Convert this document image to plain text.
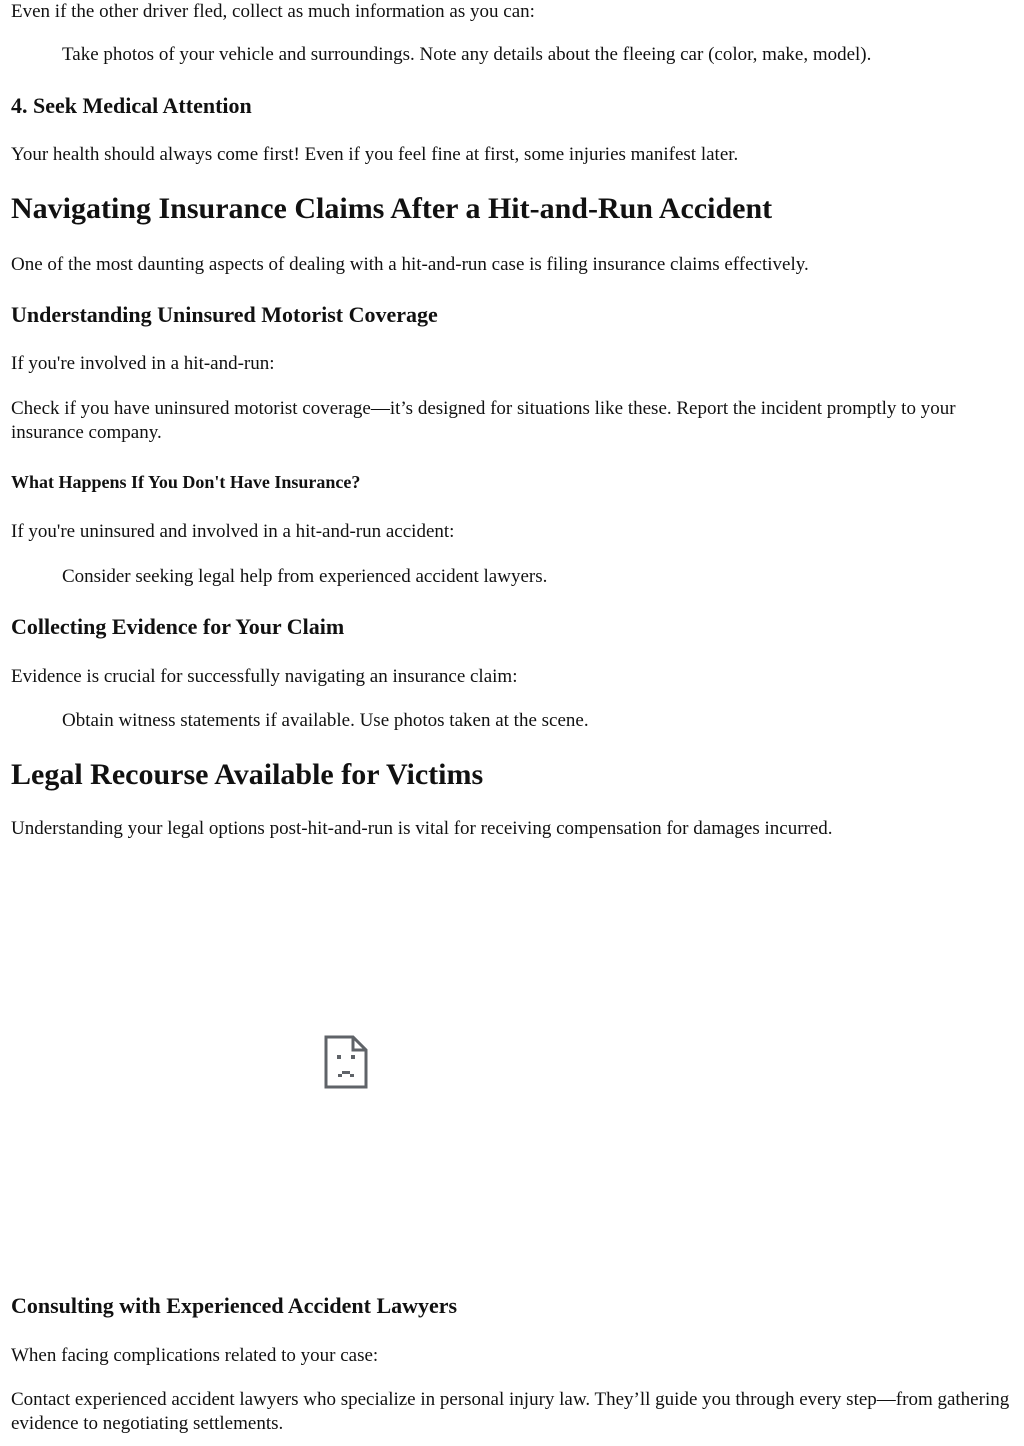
Even if the other driver fled, collect as much information as you can:

Take photos of your vehicle and surroundings. Note any details about the fleeing car (color, make, model).

4. Seek Medical Attention

Your health should always come first! Even if you feel fine at first, some injuries manifest later.

Navigating Insurance Claims After a Hit-and-Run Accident

One of the most daunting aspects of dealing with a hit-and-run case is filing insurance claims effectively.

Understanding Uninsured Motorist Coverage

If you're involved in a hit-and-run:

Check if you have uninsured motorist coverage—it’s designed for situations like these. Report the incident promptly to your insurance company.

What Happens If You Don't Have Insurance?

If you're uninsured and involved in a hit-and-run accident:

Consider seeking legal help from experienced accident lawyers.

Collecting Evidence for Your Claim

Evidence is crucial for successfully navigating an insurance claim:

Obtain witness statements if available. Use photos taken at the scene.

Legal Recourse Available for Victims

Understanding your legal options post-hit-and-run is vital for receiving compensation for damages incurred.

Consulting with Experienced Accident Lawyers

When facing complications related to your case:

Contact experienced accident lawyers who specialize in personal injury law. They’ll guide you through every step—from gathering evidence to negotiating settlements.
